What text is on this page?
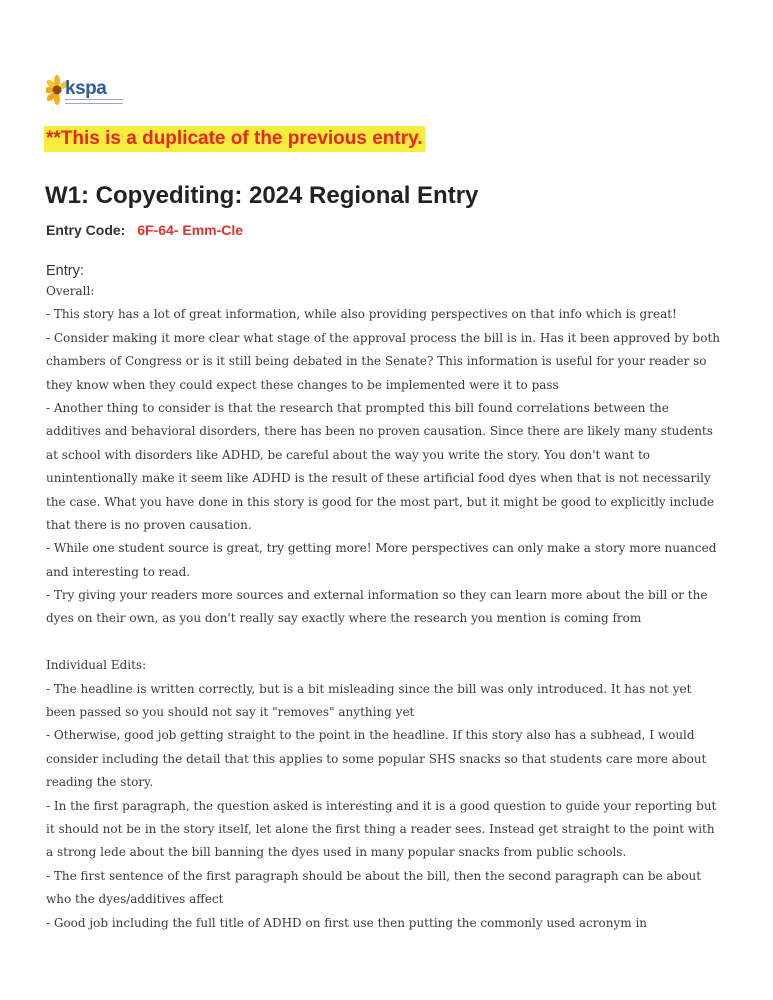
kspa
**This is a duplicate of the previous entry.
W1: Copyediting: 2024 Regional Entry
Entry Code: 6F-64- Emm-Cle
Entry:
Overall:
- This story has a lot of great information, while also providing perspectives on that info which is great!
- Consider making it more clear what stage of the approval process the bill is in. Has it been approved by both
chambers of Congress or is it still being debated in the Senate? This information is useful for your reader so
they know when they could expect these changes to be implemented were it to pass
- Another thing to consider is that the research that prompted this bill found correlations between the
additives and behavioral disorders, there has been no proven causation. Since there are likely many students
at school with disorders like ADHD, be careful about the way you write the story. You don't want to
unintentionally make it seem like ADHD is the result of these artificial food dyes when that is not necessarily
the case. What you have done in this story is good for the most part, but it might be good to explicitly include
that there is no proven causation.
- While one student source is great, try getting more! More perspectives can only make a story more nuanced
and interesting to read.
- Try giving your readers more sources and external information so they can learn more about the bill or the
dyes on their own, as you don't really say exactly where the research you mention is coming from
Individual Edits:
- The headline is written correctly, but is a bit misleading since the bill was only introduced. It has not yet
been passed so you should not say it "removes" anything yet
- Otherwise, good job getting straight to the point in the headline. If this story also has a subhead, I would
consider including the detail that this applies to some popular SHS snacks so that students care more about
reading the story.
- In the first paragraph, the question asked is interesting and it is a good question to guide your reporting but
it should not be in the story itself, let alone the first thing a reader sees. Instead get straight to the point with
a strong lede about the bill banning the dyes used in many popular snacks from public schools.
- The first sentence of the first paragraph should be about the bill, then the second paragraph can be about
who the dyes/additives affect
- Good job including the full title of ADHD on first use then putting the commonly used acronym in
